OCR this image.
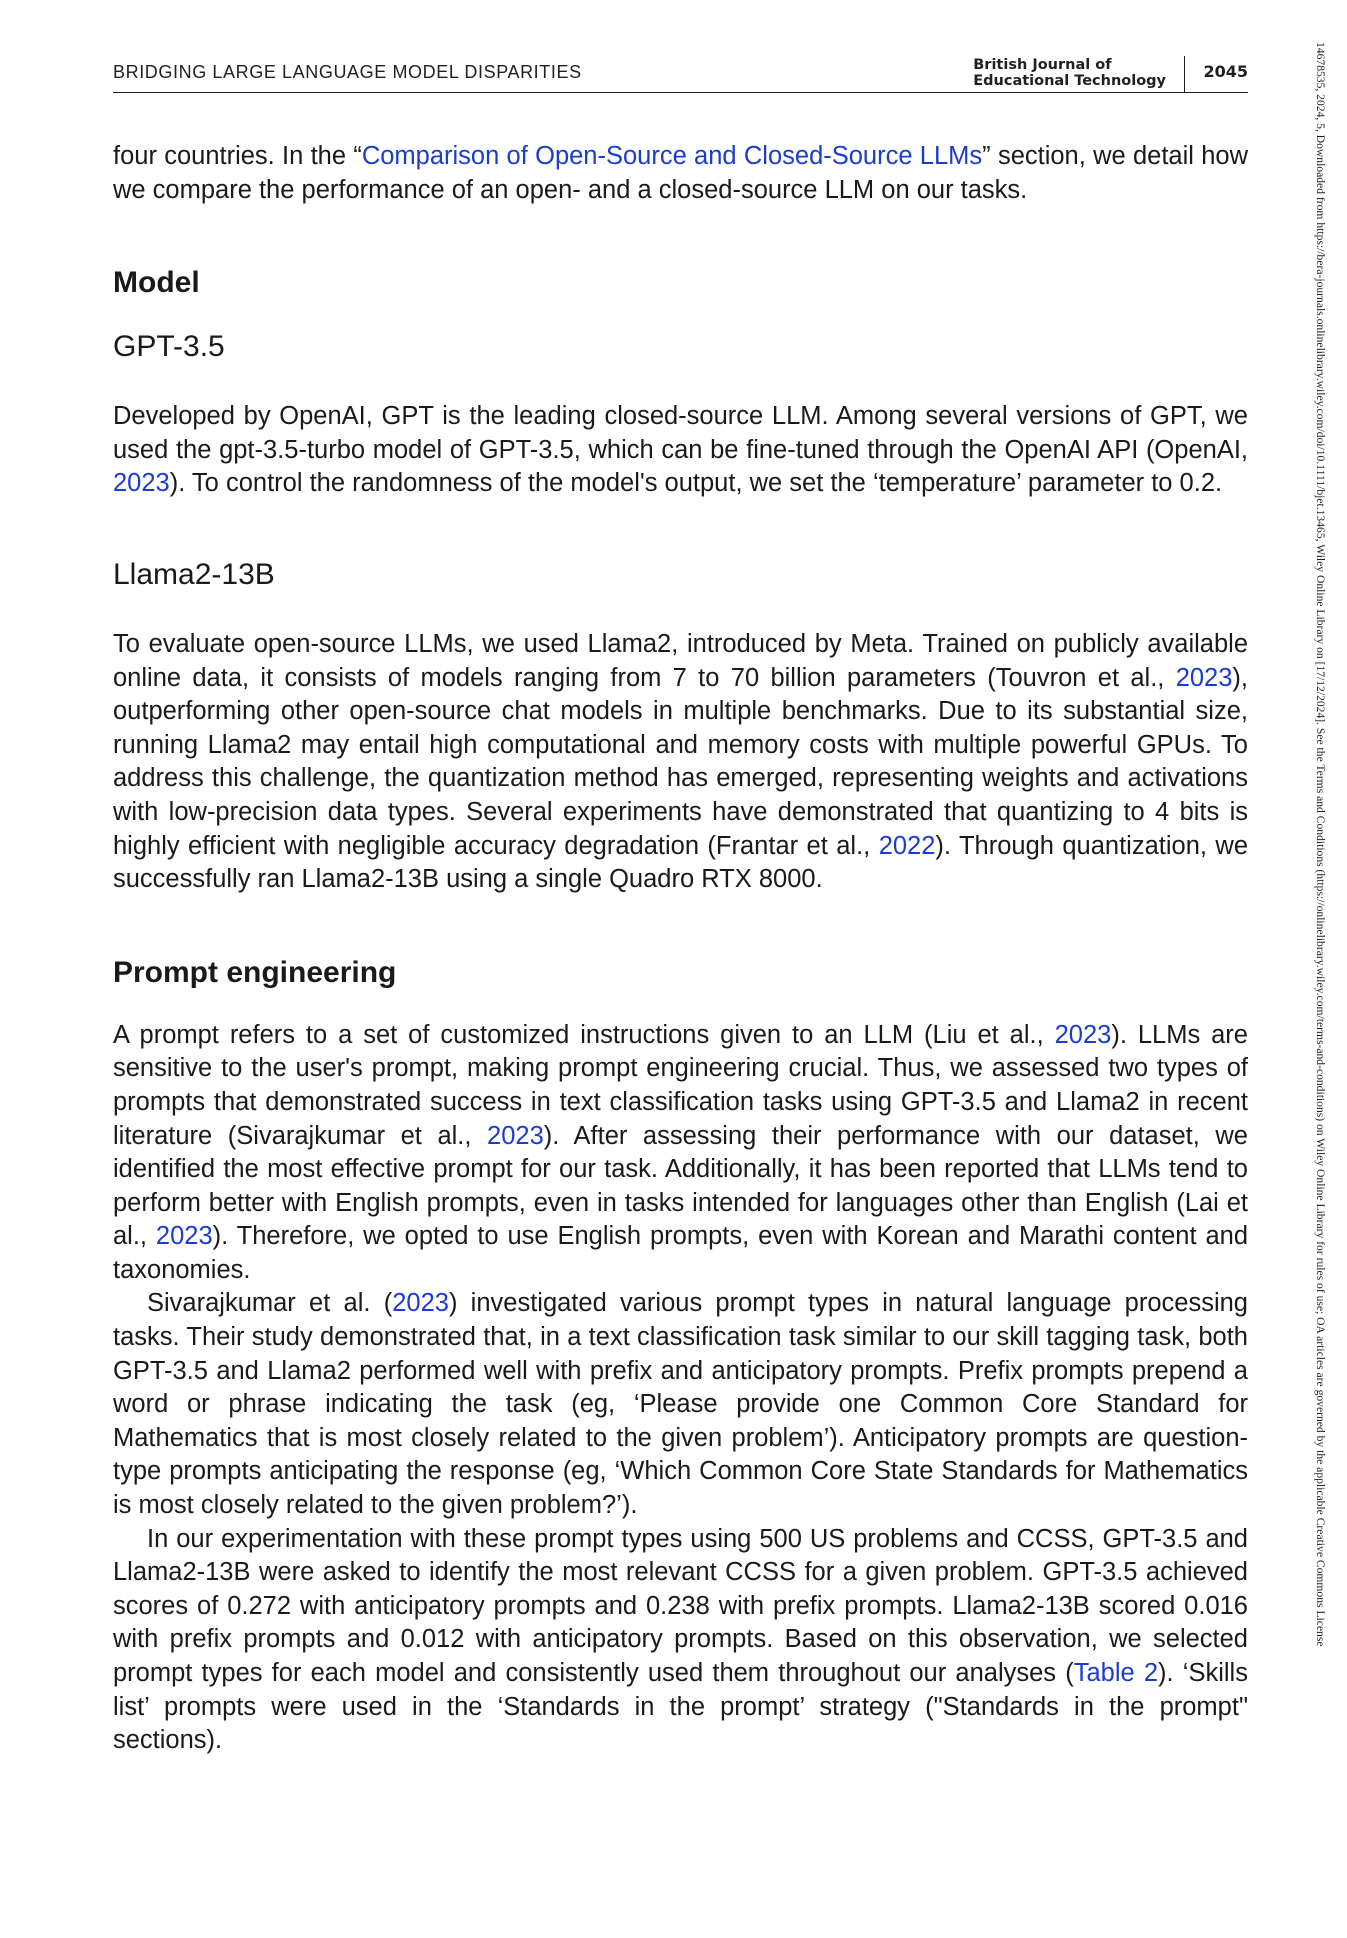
BRIDGING LARGE LANGUAGE MODEL DISPARITIES	British Journal of
Educational Technology 2045	14678535, 2024, 5, Downloaded from https://bera-journals.onlinelibrary.wiley.com/doi/10.1111/bjet.13465, Wiley Online Library on [17/12/2024]. See the Terms and Conditions (https://onlinelibrary.wiley.com/terms-and-conditions) on Wiley Online Library for rules of use; OA articles are governed by the applicable Creative Commons License

four countries. In the “Comparison of Open-Source and Closed-Source LLMs” section, we detail how we compare the performance of an open- and a closed-source LLM on our tasks.

Model
GPT-3.5

Developed by OpenAI, GPT is the leading closed-source LLM. Among several versions of GPT, we used the gpt-3.5-turbo model of GPT-3.5, which can be fine-tuned through the OpenAI API (OpenAI, 2023). To control the randomness of the model's output, we set the ‘temperature’ parameter to 0.2.

Llama2-13B

To evaluate open-source LLMs, we used Llama2, introduced by Meta. Trained on publicly available online data, it consists of models ranging from 7 to 70 billion parameters (Touvron et al., 2023), outperforming other open-source chat models in multiple benchmarks. Due to its substantial size, running Llama2 may entail high computational and memory costs with multiple powerful GPUs. To address this challenge, the quantization method has emerged, representing weights and activations with low-precision data types. Several experiments have demonstrated that quantizing to 4 bits is highly efficient with negligible accuracy degradation (Frantar et al., 2022). Through quantization, we successfully ran Llama2-13B using a single Quadro RTX 8000.

Prompt engineering

A prompt refers to a set of customized instructions given to an LLM (Liu et al., 2023). LLMs are sensitive to the user's prompt, making prompt engineering crucial. Thus, we assessed two types of prompts that demonstrated success in text classification tasks using GPT-3.5 and Llama2 in recent literature (Sivarajkumar et al., 2023). After assessing their performance with our dataset, we identified the most effective prompt for our task. Additionally, it has been reported that LLMs tend to perform better with English prompts, even in tasks intended for languages other than English (Lai et al., 2023). Therefore, we opted to use English prompts, even with Korean and Marathi content and taxonomies.

Sivarajkumar et al. (2023) investigated various prompt types in natural language processing tasks. Their study demonstrated that, in a text classification task similar to our skill tagging task, both GPT-3.5 and Llama2 performed well with prefix and anticipatory prompts. Prefix prompts prepend a word or phrase indicating the task (eg, ‘Please provide one Common Core Standard for Mathematics that is most closely related to the given problem’). Anticipatory prompts are question-type prompts anticipating the response (eg, ‘Which Common Core State Standards for Mathematics is most closely related to the given problem?’).

In our experimentation with these prompt types using 500 US problems and CCSS, GPT-3.5 and Llama2-13B were asked to identify the most relevant CCSS for a given problem. GPT-3.5 achieved scores of 0.272 with anticipatory prompts and 0.238 with prefix prompts. Llama2-13B scored 0.016 with prefix prompts and 0.012 with anticipatory prompts. Based on this observation, we selected prompt types for each model and consistently used them throughout our analyses (Table 2). ‘Skills list’ prompts were used in the ‘Standards in the prompt’ strategy ("Standards in the prompt" sections).
